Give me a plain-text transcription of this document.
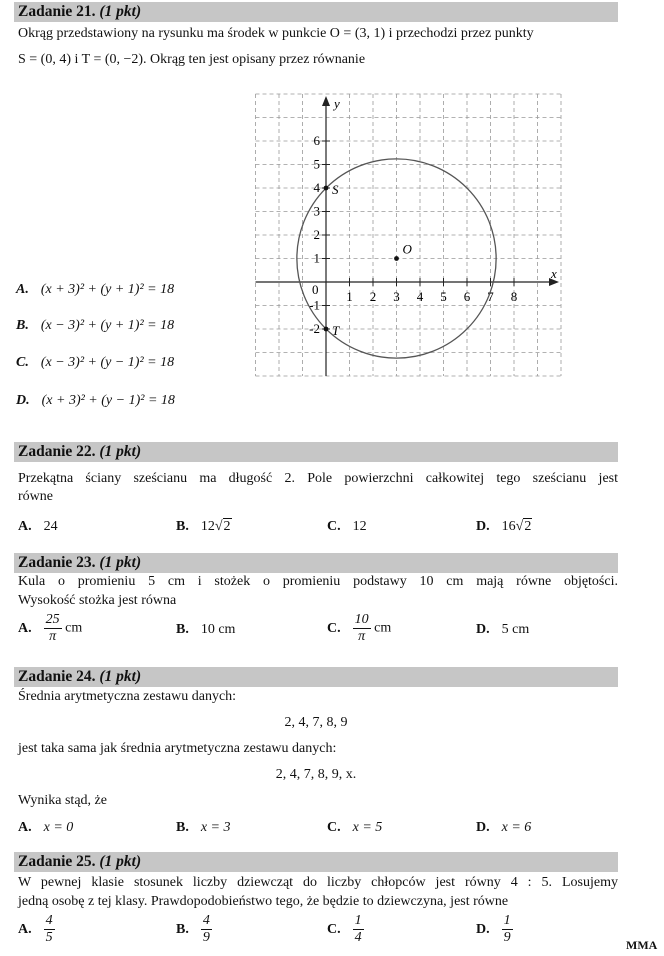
Zadanie 21. (1 pkt)
Okrąg przedstawiony na rysunku ma środek w punkcie O = (3, 1) i przechodzi przez punkty
S = (0, 4) i T = (0, −2). Okrąg ten jest opisany przez równanie
x
y
1 2 3 4 5 6 7 8
6
5
4
3
2
1
-1
-2
0
O
S
T
A. (x + 3)² + (y + 1)² = 18
B. (x − 3)² + (y + 1)² = 18
C. (x − 3)² + (y − 1)² = 18
D. (x + 3)² + (y − 1)² = 18
Zadanie 22. (1 pkt)
Przekątna ściany sześcianu ma długość 2. Pole powierzchni całkowitej tego sześcianu jest
równe
A. 24	B. 12√2	C. 12	D. 16√2
Zadanie 23. (1 pkt)
Kula o promieniu 5 cm i stożek o promieniu podstawy 10 cm mają równe objętości.
Wysokość stożka jest równa
A. $\frac{25}{\pi}$ cm	B. 10 cm	C. $\frac{10}{\pi}$ cm	D. 5 cm
Zadanie 24. (1 pkt)
Średnia arytmetyczna zestawu danych:
2, 4, 7, 8, 9
jest taka sama jak średnia arytmetyczna zestawu danych:
2, 4, 7, 8, 9, x.
Wynika stąd, że
A. x = 0	B. x = 3	C. x = 5	D. x = 6
Zadanie 25. (1 pkt)
W pewnej klasie stosunek liczby dziewcząt do liczby chłopców jest równy 4 : 5. Losujemy
jedną osobę z tej klasy. Prawdopodobieństwo tego, że będzie to dziewczyna, jest równe
A. $\frac{4}{5}$	B. $\frac{4}{9}$	C. $\frac{1}{4}$	D. $\frac{1}{9}$	MMA
